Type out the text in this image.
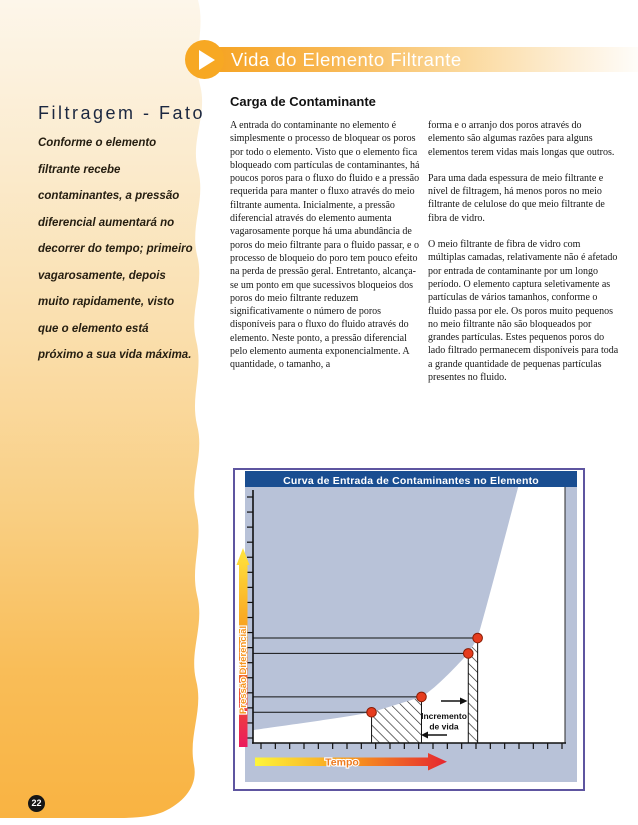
Filtragem - Fato
Conforme o elemento
filtrante recebe
contaminantes, a pressão
diferencial aumentará no
decorrer do tempo; primeiro
vagarosamente, depois
muito rapidamente, visto
que o elemento está
próximo a sua vida máxima.
Vida do Elemento Filtrante
Carga de Contaminante

A entrada do contaminante no elemento é simplesmente o processo de bloquear os poros por todo o elemento. Visto que o elemento fica bloqueado com partículas de contaminantes, há poucos poros para o fluxo do fluido e a pressão requerida para manter o fluxo através do meio filtrante aumenta. Inicialmente, a pressão diferencial através do elemento aumenta vagarosamente porque há uma abundância de poros do meio filtrante para o fluido passar, e o processo de bloqueio do poro tem pouco efeito na perda de pressão geral. Entretanto, alcança-se um ponto em que sucessivos bloqueios dos poros do meio filtrante reduzem significativamente o número de poros disponíveis para o fluxo do fluido através do elemento. Neste ponto, a pressão diferencial pelo elemento aumenta exponencialmente. A quantidade, o tamanho, a

forma e o arranjo dos poros através do elemento são algumas razões para alguns elementos terem vidas mais longas que outros.

Para uma dada espessura de meio filtrante e nível de filtragem, há menos poros no meio filtrante de celulose do que meio filtrante de fibra de vidro.

O meio filtrante de fibra de vidro com múltiplas camadas, relativamente não é afetado por entrada de contaminante por um longo período. O elemento captura seletivamente as partículas de vários tamanhos, conforme o fluido passa por ele. Os poros muito pequenos no meio filtrante não são bloqueados por grandes partículas. Estes pequenos poros do lado filtrado permanecem disponíveis para toda a grande quantidade de pequenas partículas presentes no fluido.

Curva de Entrada de Contaminantes no Elemento
Pressão Diferencial
Tempo
Incremento
de vida
22
